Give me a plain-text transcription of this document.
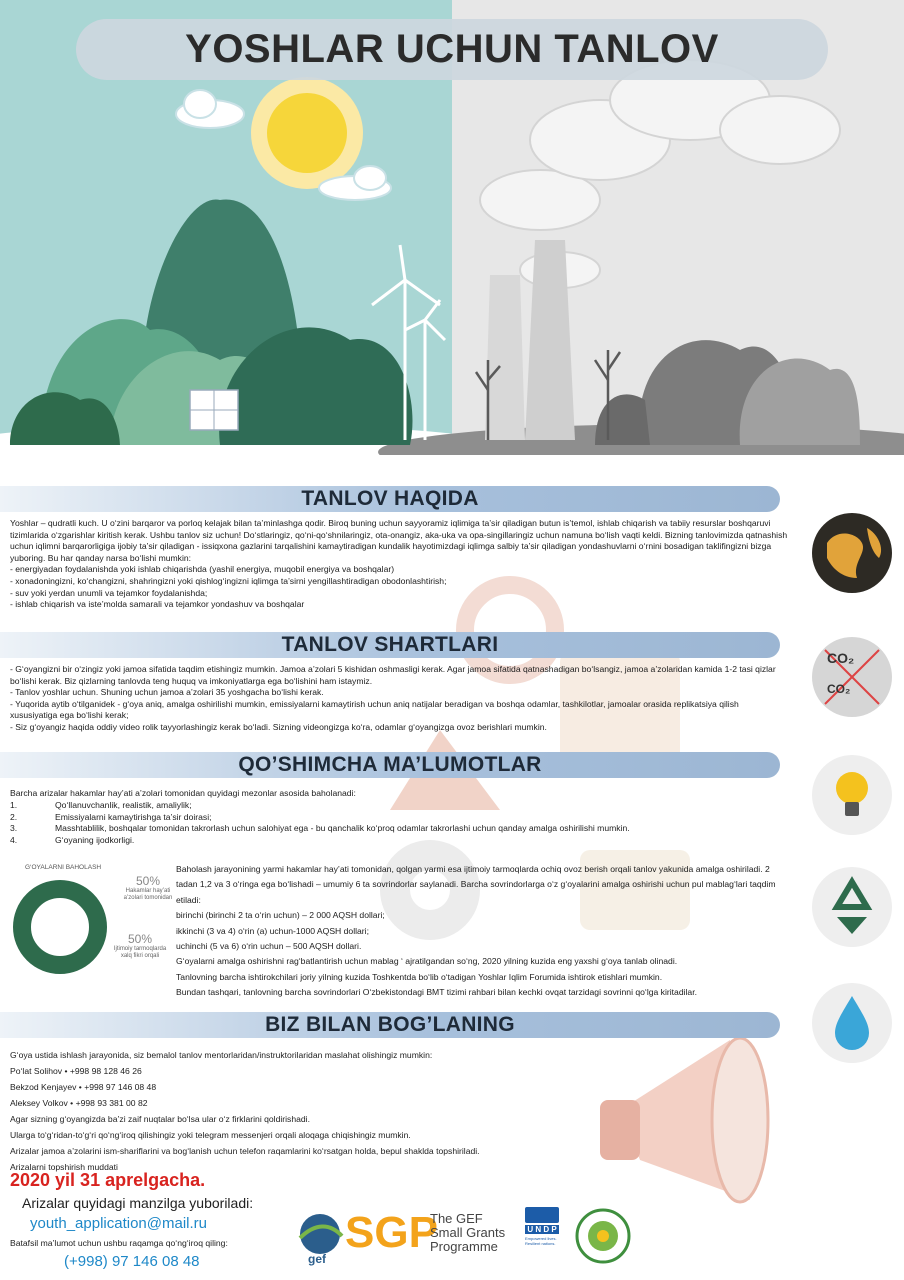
YOSHLAR UCHUN TANLOV
TANLOV HAQIDA

Yoshlar – qudratli kuch. U o‘zini barqaror va porloq kelajak bilan ta’minlashga qodir. Biroq buning uchun sayyoramiz iqlimiga ta’sir qiladigan butun is’temol, ishlab chiqarish va tabiiy resurslar boshqaruvi tizimlarida o‘zgarishlar kiritish kerak. Ushbu tanlov siz uchun! Do‘stlaringiz, qo‘ni-qo‘shnilaringiz, ota-onangiz, aka-uka va opa-singillaringiz uchun namuna bo‘lish vaqti keldi. Bizning tanlovimizda qatnashish uchun iqlimni barqarorligiga ijobiy ta’sir qiladigan - issiqxona gazlarini tarqalishini kamaytiradigan kundalik hayotimizdagi iqlimga salbiy ta’sir qiladigan yondashuvlarni o‘rnini bosadigan taklifingizni bizga yuboring. Bu har qanday narsa bo‘lishi mumkin:

- energiyadan foydalanishda yoki ishlab chiqarishda (yashil energiya, muqobil energiya va boshqalar)

- xonadoningizni, ko‘changizni, shahringizni yoki qishlog‘ingizni iqlimga ta’sirni yengillashtiradigan obodonlashtirish;

- suv yoki yerdan unumli va tejamkor foydalanishda;

- ishlab chiqarish va iste’molda samarali va tejamkor yondashuv va boshqalar

TANLOV SHARTLARI

- G‘oyangizni bir o‘zingiz yoki jamoa sifatida taqdim etishingiz mumkin. Jamoa a’zolari 5 kishidan oshmasligi kerak. Agar jamoa sifatida qatnashadigan bo‘lsangiz, jamoa a’zolaridan kamida 1-2 tasi qizlar bo‘lishi kerak. Biz qizlarning tanlovda teng huquq va imkoniyatlarga ega bo‘lishini ham istaymiz.

- Tanlov yoshlar uchun. Shuning uchun jamoa a’zolari 35 yoshgacha bo‘lishi kerak.

- Yuqorida aytib o‘tilganidek - g‘oya aniq, amalga oshirilishi mumkin, emissiyalarni kamaytirish uchun aniq natijalar beradigan va boshqa odamlar, tashkilotlar, jamoalar orasida replikatsiya qilish xususiyatiga ega bo‘lishi kerak;

- Siz g‘oyangiz haqida oddiy video rolik tayyorlashingiz kerak bo‘ladi. Sizning videongizga ko‘ra, odamlar g‘oyangizga ovoz berishlari mumkin.

QO’SHIMCHA MA’LUMOTLAR
Barcha arizalar hakamlar hay’ati a’zolari tomonidan quyidagi mezonlar asosida baholanadi:
1.	Qo‘llanuvchanlik, realistik, amaliylik;
2.	Emissiyalarni kamaytirishga ta’sir doirasi;
3.	Masshtablilik, boshqalar tomonidan takrorlash uchun salohiyat ega - bu qanchalik ko‘proq odamlar takrorlashi uchun qanday amalga oshirilishi mumkin.
4.	G‘oyaning ijodkorligi.
G‘OYALARNI BAHOLASH
50%
Hakamlar hay’ati a’zolari tomonidan
50%
Ijtimoiy tarmoqlarda xalq fikri orqali

Baholash jarayonining yarmi hakamlar hay’ati tomonidan, qolgan yarmi esa ijtimoiy tarmoqlarda ochiq ovoz berish orqali tanlov yakunida amalga oshiriladi. 2 tadan 1,2 va 3 o‘ringa ega bo‘lishadi – umumiy 6 ta sovrindorlar saylanadi. Barcha sovrindorlarga o‘z g‘oyalarini amalga oshirishi uchun pul mablag‘lari taqdim etiladi:

birinchi (birinchi 2 ta o‘rin uchun) – 2 000 AQSH dollari;

ikkinchi (3 va 4) o‘rin (a) uchun-1000 AQSH dollari;

uchinchi (5 va 6) o‘rin uchun – 500 AQSH dollari.

G‘oyalarni amalga oshirishni rag‘batlantirish uchun mablag ‘ ajratilgandan so‘ng, 2020 yilning kuzida eng yaxshi g‘oya tanlab olinadi.

Tanlovning barcha ishtirokchilari joriy yilning kuzida Toshkentda bo‘lib o‘tadigan Yoshlar Iqlim Forumida ishtirok etishlari mumkin.

Bundan tashqari, tanlovning barcha sovrindorlari O‘zbekistondagi BMT tizimi rahbari bilan kechki ovqat tarzidagi sovrinni qo‘lga kiritadilar.

BIZ BILAN BOG’LANING

G‘oya ustida ishlash jarayonida, siz bemalol tanlov mentorlaridan/instruktorilaridan maslahat olishingiz mumkin:

Po‘lat Solihov • +998 98 128 46 26

Bekzod Kenjayev • +998 97 146 08 48

Aleksey Volkov • +998 93 381 00 82

Agar sizning g‘oyangizda ba’zi zaif nuqtalar bo‘lsa ular o‘z firklarini qoldirishadi.

Ularga to‘g‘ridan-to‘g‘ri qo‘ng‘iroq qilishingiz yoki telegram messenjeri orqali aloqaga chiqishingiz mumkin.

Arizalar jamoa a’zolarini ism-shariflarini va bog‘lanish uchun telefon raqamlarini ko‘rsatgan holda, bepul shaklda topshiriladi.

Arizalarni topshirish muddati

2020 yil 31 aprelgacha.
Arizalar quyidagi manzilga yuboriladi:
youth_application@mail.ru
Batafsil ma’lumot uchun ushbu raqamga qo‘ng‘iroq qiling:
(+998) 97 146 08 48
CO₂
CO₂
gef
SGP
The GEF Small Grants Programme
U N D P
Empowered lives. Resilient nations.
